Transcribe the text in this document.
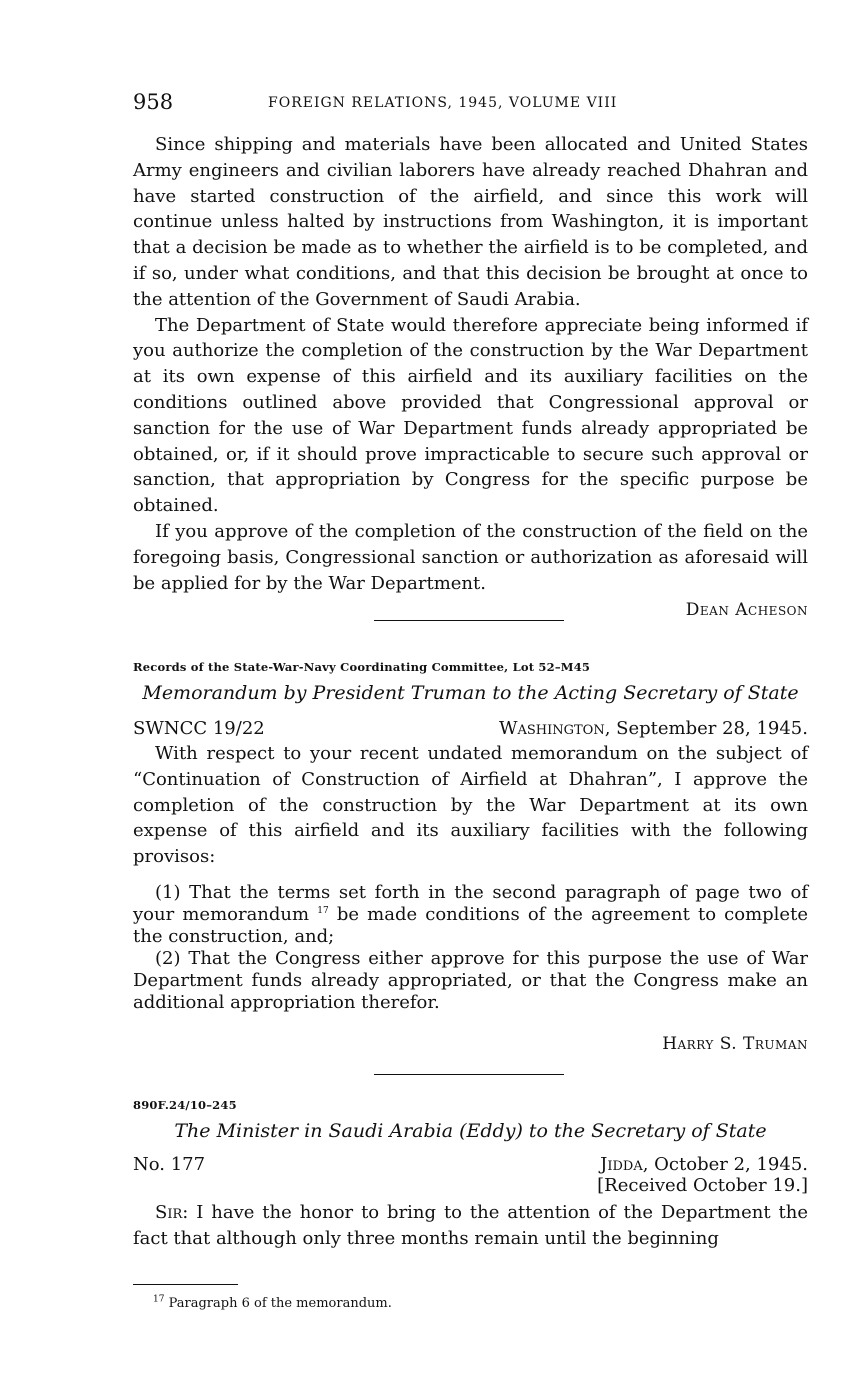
958	FOREIGN RELATIONS, 1945, VOLUME VIII

Since shipping and materials have been allocated and United States Army engineers and civilian laborers have already reached Dhahran and have started construction of the airfield, and since this work will continue unless halted by instructions from Washington, it is important that a decision be made as to whether the airfield is to be completed, and if so, under what conditions, and that this decision be brought at once to the attention of the Government of Saudi Arabia.

The Department of State would therefore appreciate being informed if you authorize the completion of the construction by the War Department at its own expense of this airfield and its auxiliary facilities on the conditions outlined above provided that Congressional approval or sanction for the use of War Department funds already appropriated be obtained, or, if it should prove impracticable to secure such approval or sanction, that appropriation by Congress for the specific purpose be obtained.

If you approve of the completion of the construction of the field on the foregoing basis, Congressional sanction or authorization as aforesaid will be applied for by the War Department.

Dean Acheson

Records of the State-War-Navy Coordinating Committee, Lot 52–M45

Memorandum by President Truman to the Acting Secretary of State

SWNCC 19/22	Washington, September 28, 1945.

With respect to your recent undated memorandum on the subject of “Continuation of Construction of Airfield at Dhahran”, I approve the completion of the construction by the War Department at its own expense of this airfield and its auxiliary facilities with the following provisos:

(1) That the terms set forth in the second paragraph of page two of your memorandum $^{17}$ be made conditions of the agreement to complete the construction, and;

(2) That the Congress either approve for this purpose the use of War Department funds already appropriated, or that the Congress make an additional appropriation therefor.

Harry S. Truman

890F.24/10–245

The Minister in Saudi Arabia (Eddy) to the Secretary of State

No. 177	Jidda, October 2, 1945.
[Received October 19.]

Sir: I have the honor to bring to the attention of the Department the fact that although only three months remain until the beginning

$^{17}$ Paragraph 6 of the memorandum.
